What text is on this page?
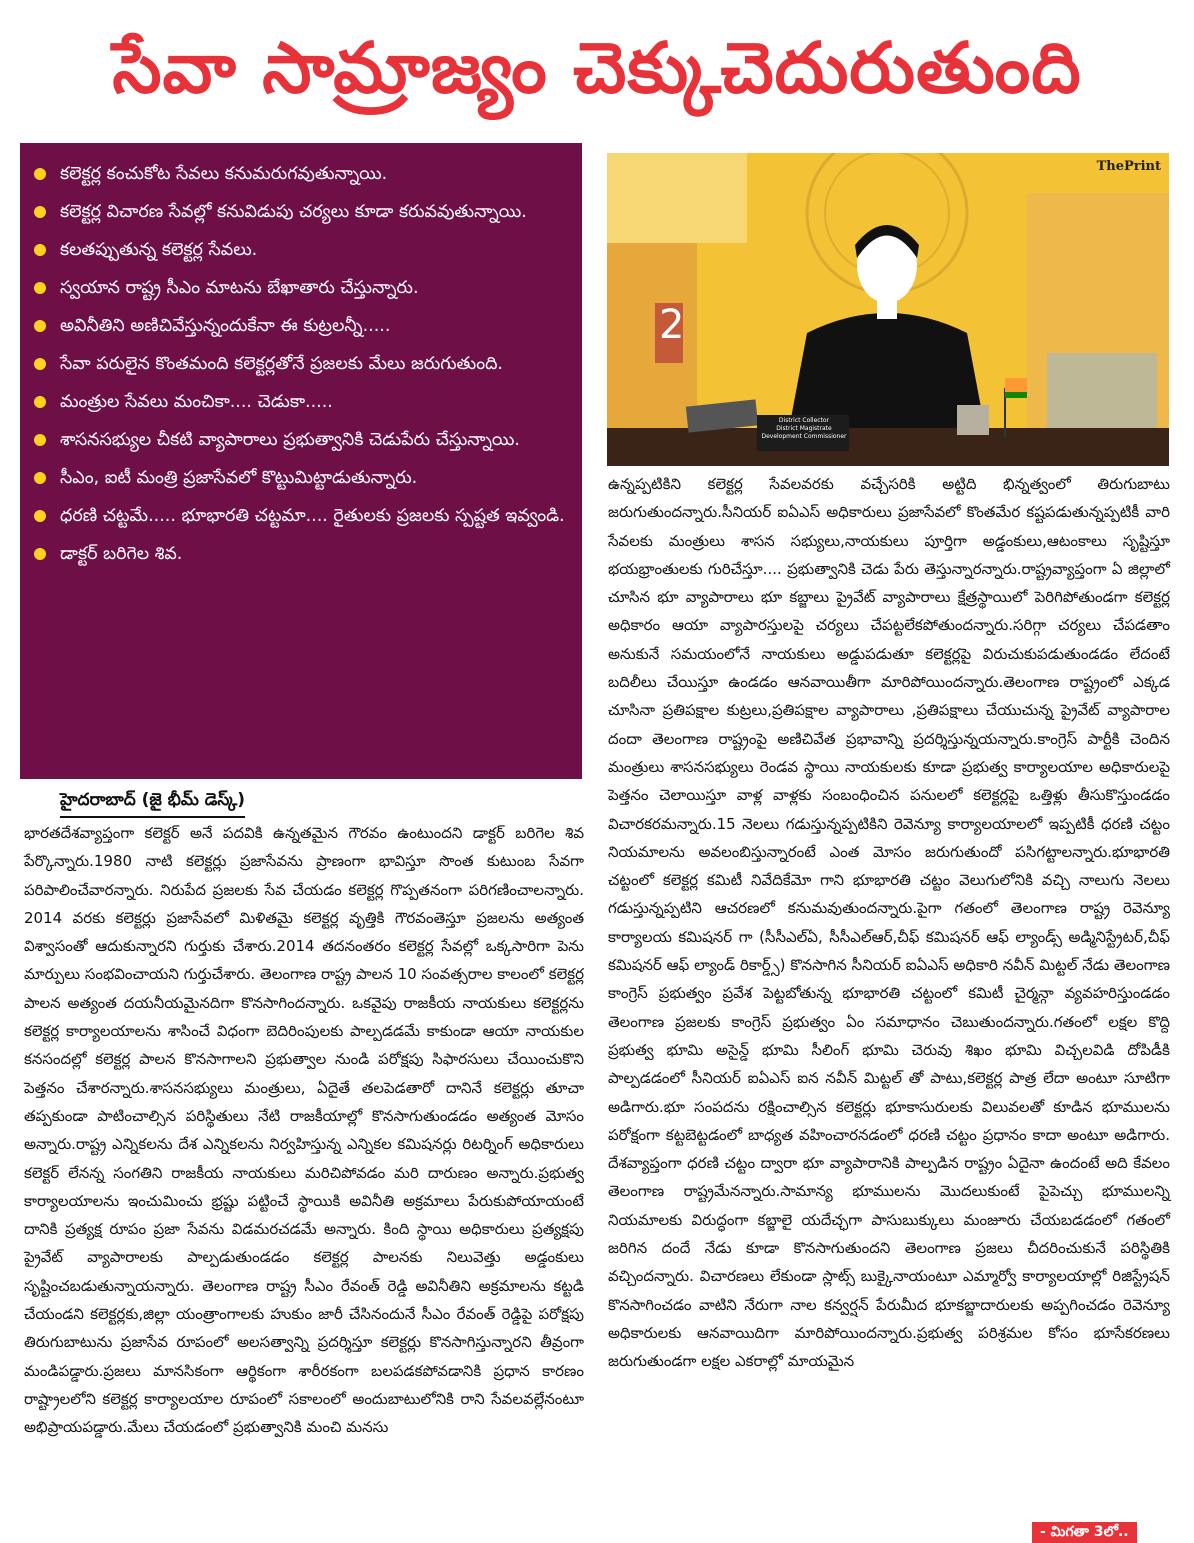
సేవా సామ్రాజ్యం చెక్కుచెదురుతుంది
కలెక్టర్ల కంచుకోట సేవలు కనుమరుగవుతున్నాయి.
కలెక్టర్ల విచారణ సేవల్లో కనువిడుపు చర్యలు కూడా కరువవుతున్నాయి.
కలతప్పుతున్న కలెక్టర్ల సేవలు.
స్వయాన రాష్ట్ర సీఎం మాటను బేఖాతారు చేస్తున్నారు.
అవినీతిని అణిచివేస్తున్నందుకేనా ఈ కుట్రలన్నీ.....
సేవా పరులైన కొంతమంది కలెక్టర్లతోనే ప్రజలకు మేలు జరుగుతుంది.
మంత్రుల సేవలు మంచికా.... చెడుకా.....
శాసనసభ్యుల చీకటి వ్యాపారాలు ప్రభుత్వానికి చెడుపేరు చేస్తున్నాయి.
సీఎం, ఐటీ మంత్రి ప్రజాసేవలో కొట్టుమిట్టాడుతున్నారు.
ధరణి చట్టమే..... భూభారతి చట్టమా.... రైతులకు ప్రజలకు స్పష్టత ఇవ్వండి.
డాక్టర్ బరిగెల శివ.
2
ThePrint
District Collector
District Magistrate
Development Commissioner
హైదరాబాద్ (జై భీమ్ డెస్క్)
భారతదేశవ్యాప్తంగా కలెక్టర్ అనే పదవికి ఉన్నతమైన గౌరవం ఉంటుందని డాక్టర్ బరిగెల శివ పేర్కొన్నారు.1980 నాటి కలెక్టర్లు ప్రజాసేవను ప్రాణంగా భావిస్తూ సొంత కుటుంబ సేవగా పరిపాలించేవారన్నారు. నిరుపేద ప్రజలకు సేవ చేయడం కలెక్టర్ల గొప్పతనంగా పరిగణించాలన్నారు. 2014 వరకు కలెక్టర్లు ప్రజాసేవలో మిళితమై కలెక్టర్ల వృత్తికి గౌరవంతెస్తూ ప్రజలను అత్యంత విశ్వాసంతో ఆదుకున్నారని గుర్తుకు చేశారు.2014 తదనంతరం కలెక్టర్ల సేవల్లో ఒక్కసారిగా పెను మార్పులు సంభవించాయని గుర్తుచేశారు. తెలంగాణ రాష్ట్ర పాలన 10 సంవత్సరాల కాలంలో కలెక్టర్ల పాలన అత్యంత దయనీయమైనదిగా కొనసాగిందన్నారు. ఒకవైపు రాజకీయ నాయకులు కలెక్టర్లను కలెక్టర్ల కార్యాలయాలను శాసించే విధంగా బెదిరింపులకు పాల్పడడమే కాకుండా ఆయా నాయకుల కనసందల్లో కలెక్టర్ల పాలన కొనసాగాలని ప్రభుత్వాల నుండి పరోక్షపు సిఫారసులు చేయించుకొని పెత్తనం చేశారన్నారు.శాసనసభ్యులు మంత్రులు, ఏదైతే తలపెడతారో దానినే కలెక్టర్లు తూచా తప్పకుండా పాటించాల్సిన పరిస్థితులు నేటి రాజకీయాల్లో కొనసాగుతుండడం అత్యంత మోసం అన్నారు.రాష్ట్ర ఎన్నికలను దేశ ఎన్నికలను నిర్వహిస్తున్న ఎన్నికల కమిషనర్లు రిటర్నింగ్ అధికారులు కలెక్టర్ లేనన్న సంగతిని రాజకీయ నాయకులు మరిచిపోవడం మరి దారుణం అన్నారు.ప్రభుత్వ కార్యాలయాలను ఇంచుమించు భ్రష్టు పట్టించే స్థాయికి అవినీతి అక్రమాలు పేరుకుపోయాయంటే దానికి ప్రత్యక్ష రూపం ప్రజా సేవను విడమరచడమే అన్నారు. కింది స్థాయి అధికారులు ప్రత్యక్షపు ప్రైవేట్ వ్యాపారాలకు పాల్పడుతుండడం కలెక్టర్ల పాలనకు నిలువెత్తు అడ్డంకులు సృష్టించబడుతున్నాయన్నారు. తెలంగాణ రాష్ట్ర సీఎం రేవంత్ రెడ్డి అవినీతిని అక్రమాలను కట్టడి చేయండని కలెక్టర్లకు,జిల్లా యంత్రాంగాలకు హుకుం జారీ చేసినందునే సీఎం రేవంత్ రెడ్డిపై పరోక్షపు తిరుగుబాటును ప్రజాసేవ రూపంలో అలసత్వాన్ని ప్రదర్శిస్తూ కలెక్టర్లు కొనసాగిస్తున్నారని తీవ్రంగా మండిపడ్డారు.ప్రజలు మానసికంగా ఆర్థికంగా శారీరకంగా బలపడకపోవడానికి ప్రధాన కారణం రాష్ట్రాలలోని కలెక్టర్ల కార్యాలయాల రూపంలో సకాలంలో అందుబాటులోనికి రాని సేవలవల్లేనంటూ అభిప్రాయపడ్డారు.మేలు చేయడంలో ప్రభుత్వానికి మంచి మనసు
ఉన్నప్పటికిని కలెక్టర్ల సేవలవరకు వచ్చేసరికి అట్టిది భిన్నత్వంలో తిరుగుబాటు జరుగుతుందన్నారు.సీనియర్ ఐఏఎస్ అధికారులు ప్రజాసేవలో కొంతమేర కష్టపడుతున్నప్పటికీ వారి సేవలకు మంత్రులు శాసన సభ్యులు,నాయకులు పూర్తిగా అడ్డంకులు,ఆటంకాలు సృష్టిస్తూ భయభ్రాంతులకు గురిచేస్తూ.... ప్రభుత్వానికి చెడు పేరు తెస్తున్నారన్నారు.రాష్ట్రవ్యాప్తంగా ఏ జిల్లాలో చూసిన భూ వ్యాపారాలు భూ కబ్జాలు ప్రైవేట్ వ్యాపారాలు క్షేత్రస్థాయిలో పెరిగిపోతుండగా కలెక్టర్ల అధికారం ఆయా వ్యాపారస్తులపై చర్యలు చేపట్టలేకపోతుందన్నారు.సరిగ్గా చర్యలు చేపడతాం అనుకునే సమయంలోనే నాయకులు అడ్డుపడుతూ కలెక్టర్లపై విరుచుకుపడుతుండడం లేదంటే బదిలీలు చేయిస్తూ ఉండడం ఆనవాయితీగా మారిపోయిందన్నారు.తెలంగాణ రాష్ట్రంలో ఎక్కడ చూసినా ప్రతిపక్షాల కుట్రలు,ప్రతిపక్షాల వ్యాపారాలు ,ప్రతిపక్షాలు చేయుచున్న ప్రైవేట్ వ్యాపారాల దందా తెలంగాణ రాష్ట్రంపై అణిచివేత ప్రభావాన్ని ప్రదర్శిస్తున్నయన్నారు.కాంగ్రెస్ పార్టీకి చెందిన మంత్రులు శాసనసభ్యులు రెండవ స్థాయి నాయకులకు కూడా ప్రభుత్వ కార్యాలయాల అధికారులపై పెత్తనం చెలాయిస్తూ వాళ్ల వాళ్లకు సంబంధించిన పనులలో కలెక్టర్లపై ఒత్తిళ్లు తీసుకొస్తుండడం విచారకరమన్నారు.15 నెలలు గడుస్తున్నప్పటికిని రెవెన్యూ కార్యాలయాలలో ఇప్పటికీ ధరణి చట్టం నియమాలను అవలంబిస్తున్నారంటే ఎంత మోసం జరుగుతుందో పసిగట్టాలన్నారు.భూభారతి చట్టంలో కలెక్టర్ల కమిటీ నివేదికేమో గాని భూభారతి చట్టం వెలుగులోనికి వచ్చి నాలుగు నెలలు గడుస్తున్నప్పటిని ఆచరణలో కనుమవుతుందన్నారు.పైగా గతంలో తెలంగాణ రాష్ట్ర రెవెన్యూ కార్యాలయ కమిషనర్ గా (సీసీఎల్ఏ, సీసీఎల్ఆర్,చీఫ్ కమిషనర్ ఆఫ్ ల్యాండ్స్ అడ్మినిస్ట్రేటర్,చీఫ్ కమిషనర్ ఆఫ్ ల్యాండ్ రికార్డ్స్) కొనసాగిన సీనియర్ ఐఏఎస్ అధికారి నవీన్ మిట్టల్ నేడు తెలంగాణ కాంగ్రెస్ ప్రభుత్వం ప్రవేశ పెట్టబోతున్న భూభారతి చట్టంలో కమిటీ చైర్మన్గా వ్యవహరిస్తుండడం తెలంగాణ ప్రజలకు కాంగ్రెస్ ప్రభుత్వం ఏం సమాధానం చెబుతుందన్నారు.గతంలో లక్షల కొద్ది ప్రభుత్వ భూమి అసైన్డ్ భూమి సీలింగ్ భూమి చెరువు శిఖం భూమి విచ్చలవిడి దోపిడీకి పాల్పడడంలో సీనియర్ ఐఏఎస్ ఐన నవీన్ మిట్టల్ తో పాటు,కలెక్టర్ల పాత్ర లేదా అంటూ సూటిగా అడిగారు.భూ సంపదను రక్షించాల్సిన కలెక్టర్లు భూకాసురులకు విలువలతో కూడిన భూములను పరోక్షంగా కట్టబెట్టడంలో బాధ్యత వహించారనడంలో ధరణి చట్టం ప్రధానం కాదా అంటూ అడిగారు. దేశవ్యాప్తంగా ధరణి చట్టం ద్వారా భూ వ్యాపారానికి పాల్పడిన రాష్ట్రం ఏదైనా ఉందంటే అది కేవలం తెలంగాణ రాష్ట్రమేనన్నారు.సామాన్య భూములను మొదలుకుంటే పైపెచ్చు భూములన్ని నియమాలకు విరుద్ధంగా కబ్జాలై యదేచ్ఛగా పాసుబుక్కులు మంజూరు చేయబడడంలో గతంలో జరిగిన దందే నేడు కూడా కొనసాగుతుందని తెలంగాణ ప్రజలు చీదరించుకునే పరిస్థితికి వచ్చిందన్నారు. విచారణలు లేకుండా స్లాట్స్ బుక్కైనాయంటూ ఎమ్మార్వో కార్యాలయాల్లో రిజిస్ట్రేషన్ కొనసాగించడం వాటిని నేరుగా నాల కన్వర్షన్ పేరుమీద భూకబ్జాదారులకు అప్పగించడం రెవెన్యూ అధికారులకు ఆనవాయిదిగా మారిపోయిందన్నారు.ప్రభుత్వ పరిశ్రమల కోసం భూసేకరణలు జరుగుతుండగా లక్షల ఎకరాల్లో మాయమైన
- మిగతా 3లో..
